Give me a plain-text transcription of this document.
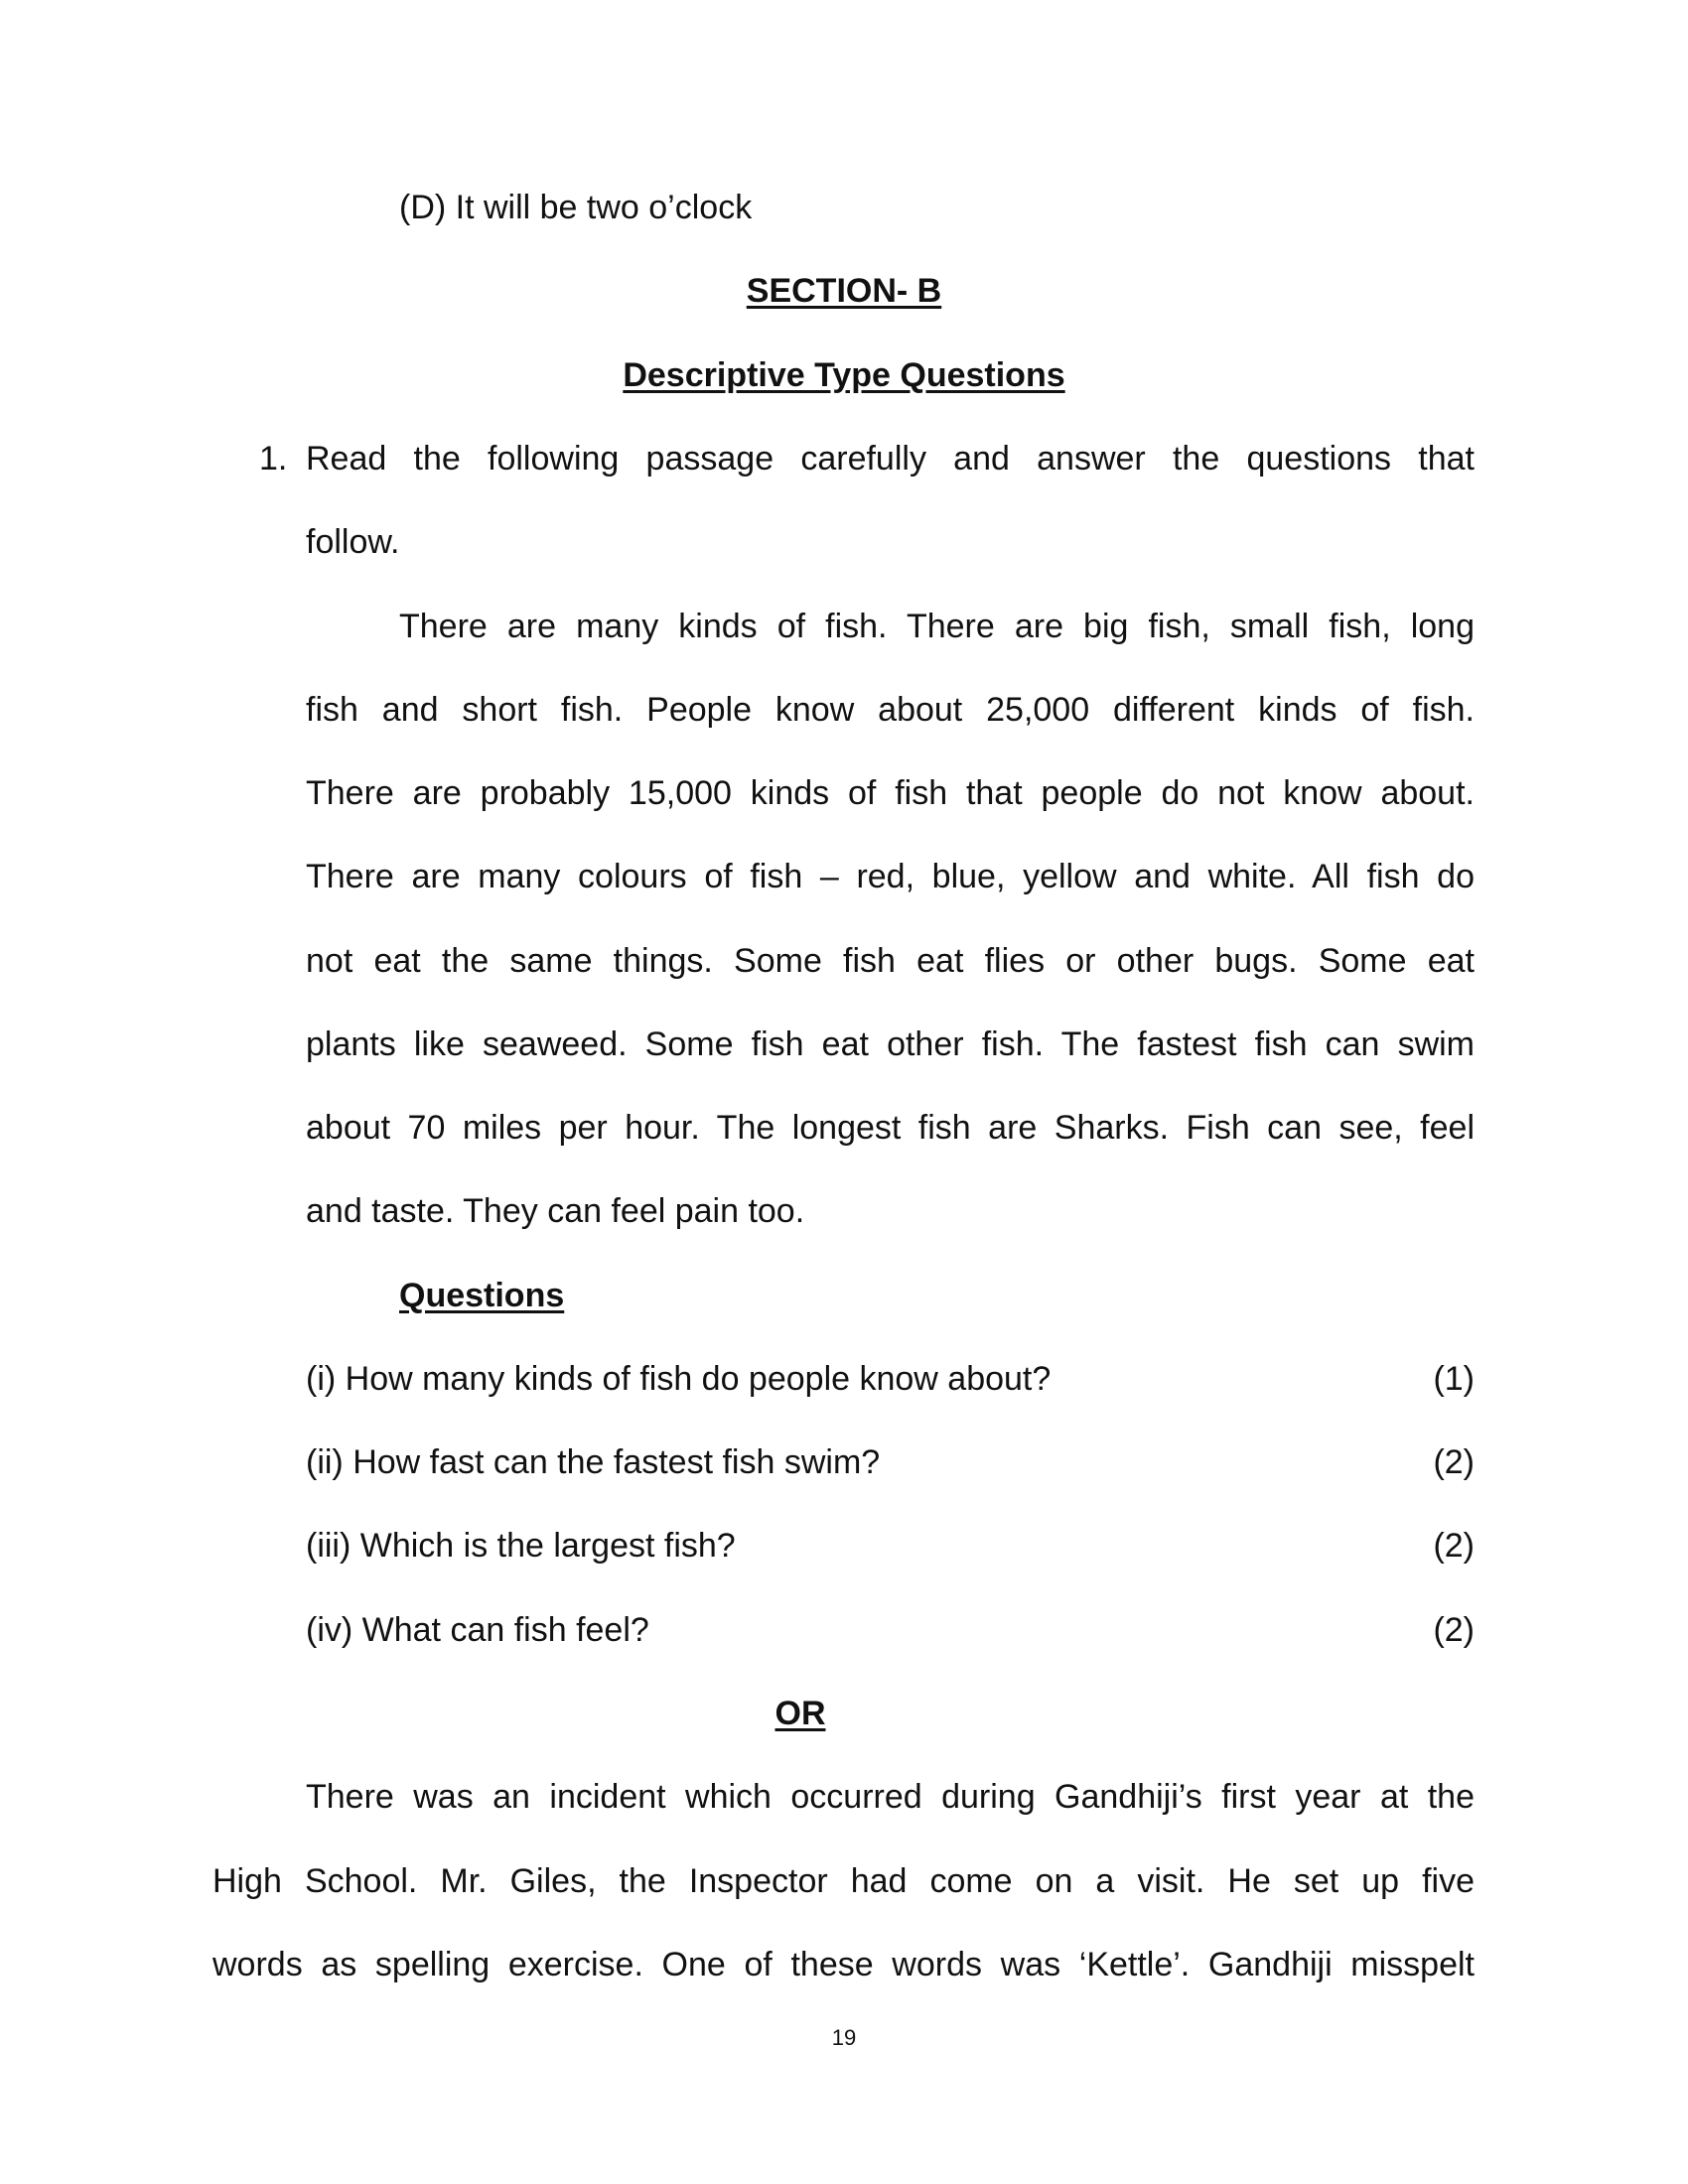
(D) It will be two o’clock
SECTION- B
Descriptive Type Questions
1. Read the following passage carefully and answer the questions that
follow.
There are many kinds of fish. There are big fish, small fish, long
fish and short fish. People know about 25,000 different kinds of fish.
There are probably 15,000 kinds of fish that people do not know about.
There are many colours of fish – red, blue, yellow and white. All fish do
not eat the same things. Some fish eat flies or other bugs. Some eat
plants like seaweed. Some fish eat other fish. The fastest fish can swim
about 70 miles per hour. The longest fish are Sharks. Fish can see, feel
and taste. They can feel pain too.
Questions
(i) How many kinds of fish do people know about?	(1)
(ii) How fast can the fastest fish swim?	(2)
(iii) Which is the largest fish?	(2)
(iv) What can fish feel?	(2)
OR
There was an incident which occurred during Gandhiji’s first year at the
High School. Mr. Giles, the Inspector had come on a visit. He set up five
words as spelling exercise. One of these words was ‘Kettle’. Gandhiji misspelt
19
